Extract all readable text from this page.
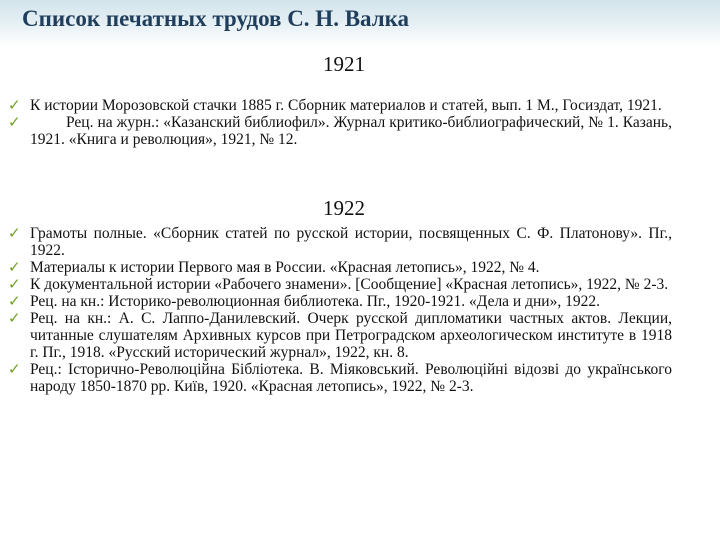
Список печатных трудов С. Н. Валка
1921
✓ К истории Морозовской стачки 1885 г. Сборник материалов и статей, вып. 1 М., Госиздат, 1921.
✓	Рец. на журн.: «Казанский библиофил». Журнал критико-библиографический, № 1. Казань, 1921. «Книга и революция», 1921, № 12.
1922
✓ Грамоты полные. «Сборник статей по русской истории, посвященных С. Ф. Платонову». Пг., 1922.
✓ Материалы к истории Первого мая в России. «Красная летопись», 1922, № 4.
✓ К документальной истории «Рабочего знамени». [Сообщение] «Красная летопись», 1922, № 2-3.
✓ Рец. на кн.: Историко-революционная библиотека. Пг., 1920-1921. «Дела и дни», 1922.
✓ Рец. на кн.: А. С. Лаппо-Данилевский. Очерк русской дипломатики частных актов. Лекции, читанные слушателям Архивных курсов при Петроградском археологическом институте в 1918 г. Пг., 1918. «Русский исторический журнал», 1922, кн. 8.
✓ Рец.: Історично-Революційна Бібліотека. В. Міяковський. Революційні відозві до українського народу 1850-1870 рр. Київ, 1920. «Красная летопись», 1922, № 2-3.
